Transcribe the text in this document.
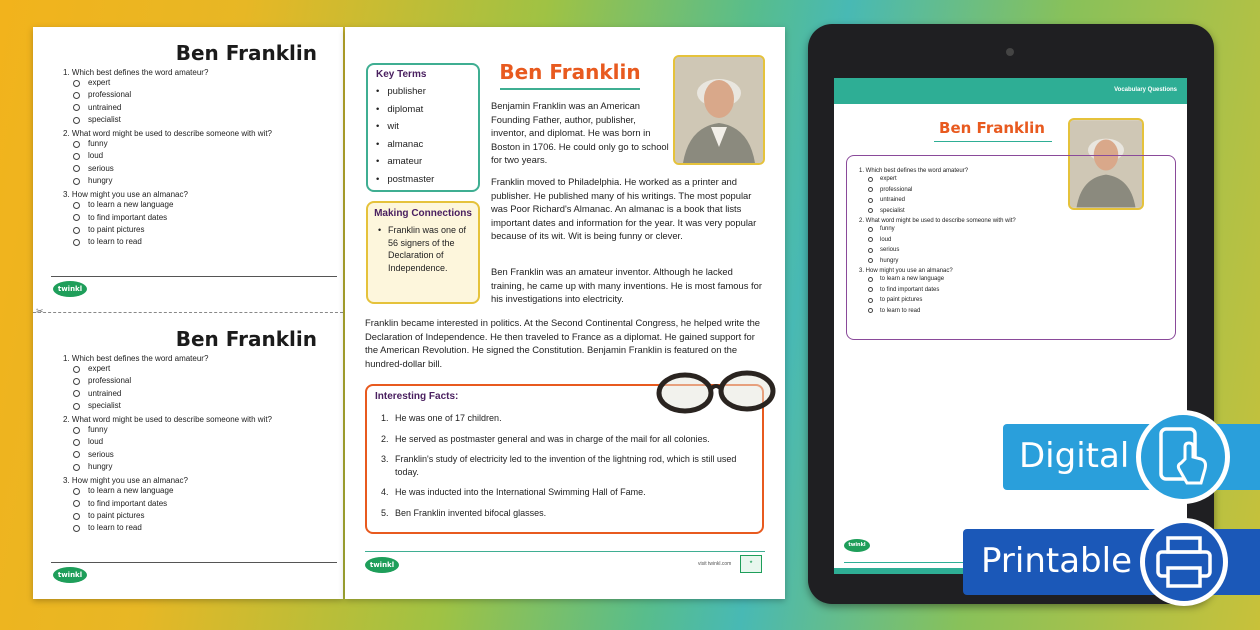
Ben Franklin
1. Which best defines the word amateur?
expert
professional
untrained
specialist
2. What word might be used to describe someone with wit?
funny
loud
serious
hungry
3. How might you use an almanac?
to learn a new language
to find important dates
to paint pictures
to learn to read
twinkl
✂
Ben Franklin
1. Which best defines the word amateur?
expert
professional
untrained
specialist
2. What word might be used to describe someone with wit?
funny
loud
serious
hungry
3. How might you use an almanac?
to learn a new language
to find important dates
to paint pictures
to learn to read
twinkl
Key Terms
• publisher
• diplomat
• wit
• almanac
• amateur
• postmaster
Making Connections

• Franklin was one of 56 signers of the Declaration of Independence.

Ben Franklin
Benjamin Franklin was an American Founding Father, author, publisher, inventor, and diplomat. He was born in Boston in 1706. He could only go to school for two years.
Franklin moved to Philadelphia. He worked as a printer and publisher. He published many of his writings. The most popular was Poor Richard's Almanac. An almanac is a book that lists important dates and information for the year. It was very popular because of its wit. Wit is being funny or clever.
Ben Franklin was an amateur inventor. Although he lacked training, he came up with many inventions. He is most famous for his investigations into electricity.
Franklin became interested in politics. At the Second Continental Congress, he helped write the Declaration of Independence. He then traveled to France as a diplomat. He gained support for the American Revolution. He signed the Constitution. Benjamin Franklin is featured on the hundred-dollar bill.
Interesting Facts:
1. He was one of 17 children.
2. He served as postmaster general and was in charge of the mail for all colonies.
3. Franklin's study of electricity led to the invention of the lightning rod, which is still used today.
4. He was inducted into the International Swimming Hall of Fame.
5. Ben Franklin invented bifocal glasses.
twinkl	visit twinkl.com	★
Vocabulary Questions
Ben Franklin
1. Which best defines the word amateur?
expert
professional
untrained
specialist
2. What word might be used to describe someone with wit?
funny
loud
serious
hungry
3. How might you use an almanac?
to learn a new language
to find important dates
to paint pictures
to learn to read
twinkl
Digital
Printable
